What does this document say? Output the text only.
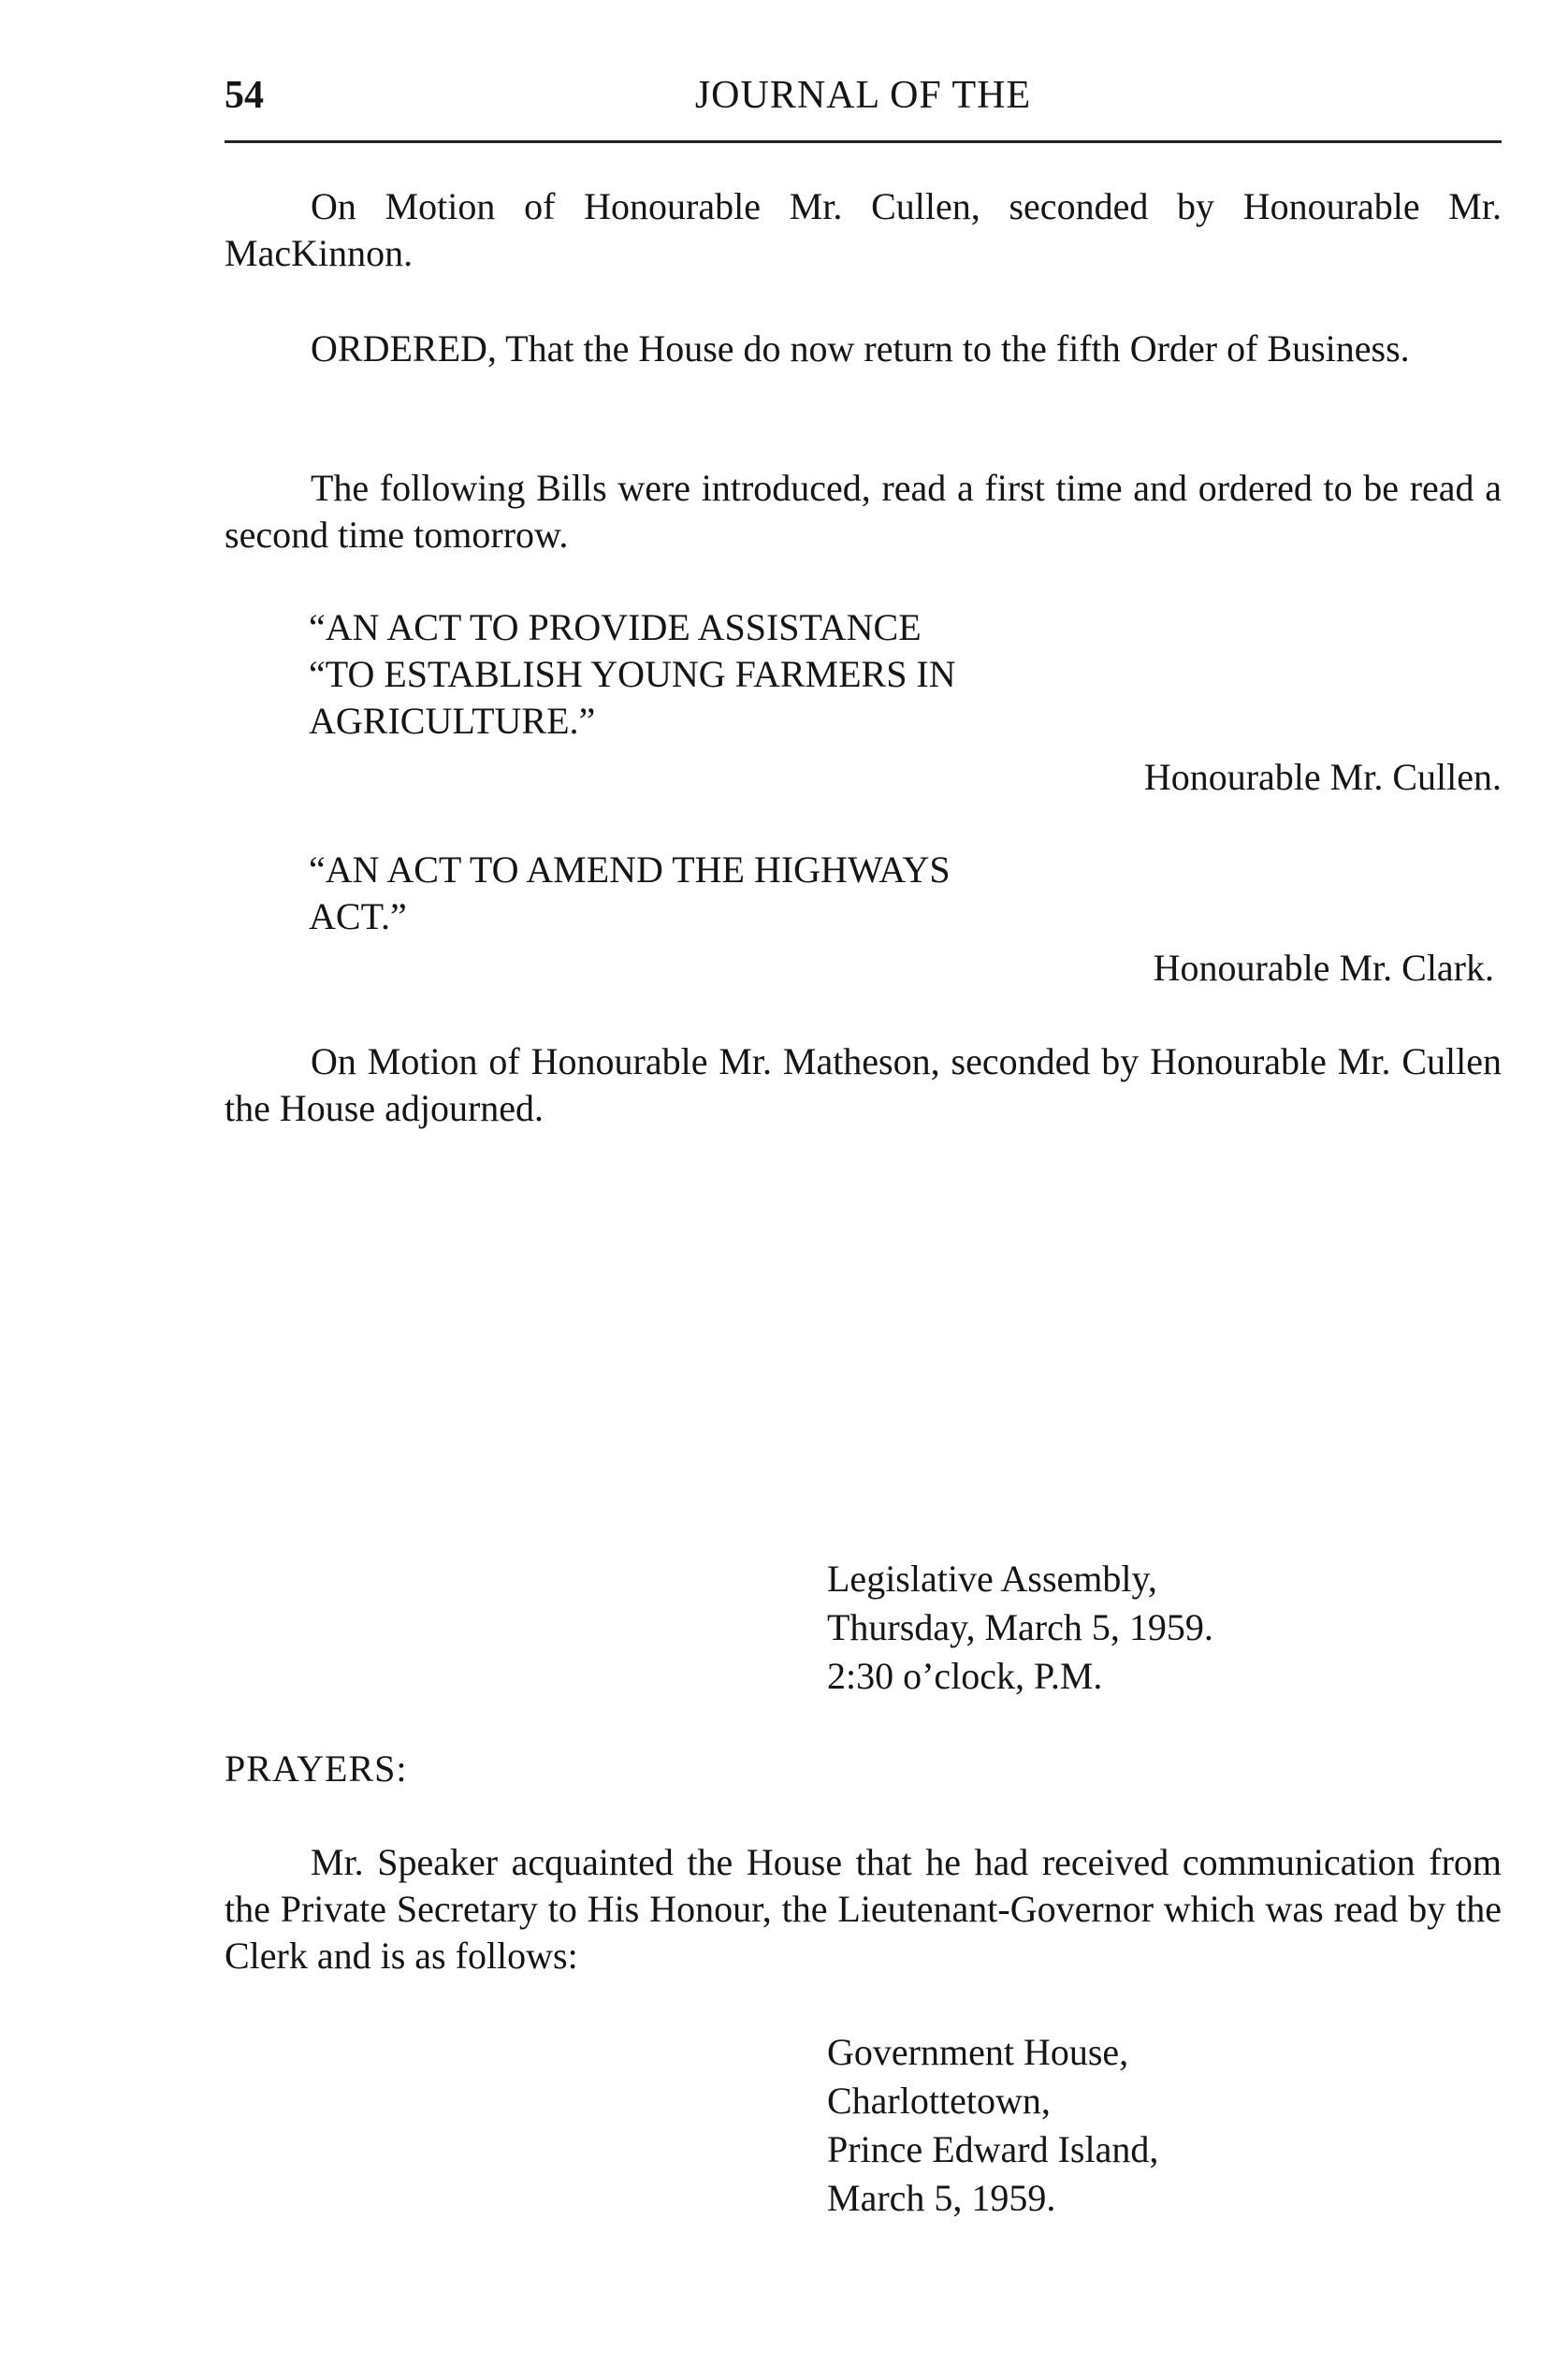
54	JOURNAL OF THE

On Motion of Honourable Mr. Cullen, seconded by Honourable Mr. MacKinnon.

ORDERED, That the House do now return to the fifth Order of Business.

The following Bills were introduced, read a first time and ordered to be read a second time tomorrow.

“AN ACT TO PROVIDE ASSISTANCE
“TO ESTABLISH YOUNG FARMERS IN
AGRICULTURE.”
Honourable Mr. Cullen.
“AN ACT TO AMEND THE HIGHWAYS
ACT.”
Honourable Mr. Clark.

On Motion of Honourable Mr. Matheson, seconded by Honourable Mr. Cullen the House adjourned.

Legislative Assembly,
Thursday, March 5, 1959.
2:30 o’clock, P.M.
PRAYERS:

Mr. Speaker acquainted the House that he had received communication from the Private Secretary to His Honour, the Lieutenant-Governor which was read by the Clerk and is as follows:

Government House,
Charlottetown,
Prince Edward Island,
March 5, 1959.
